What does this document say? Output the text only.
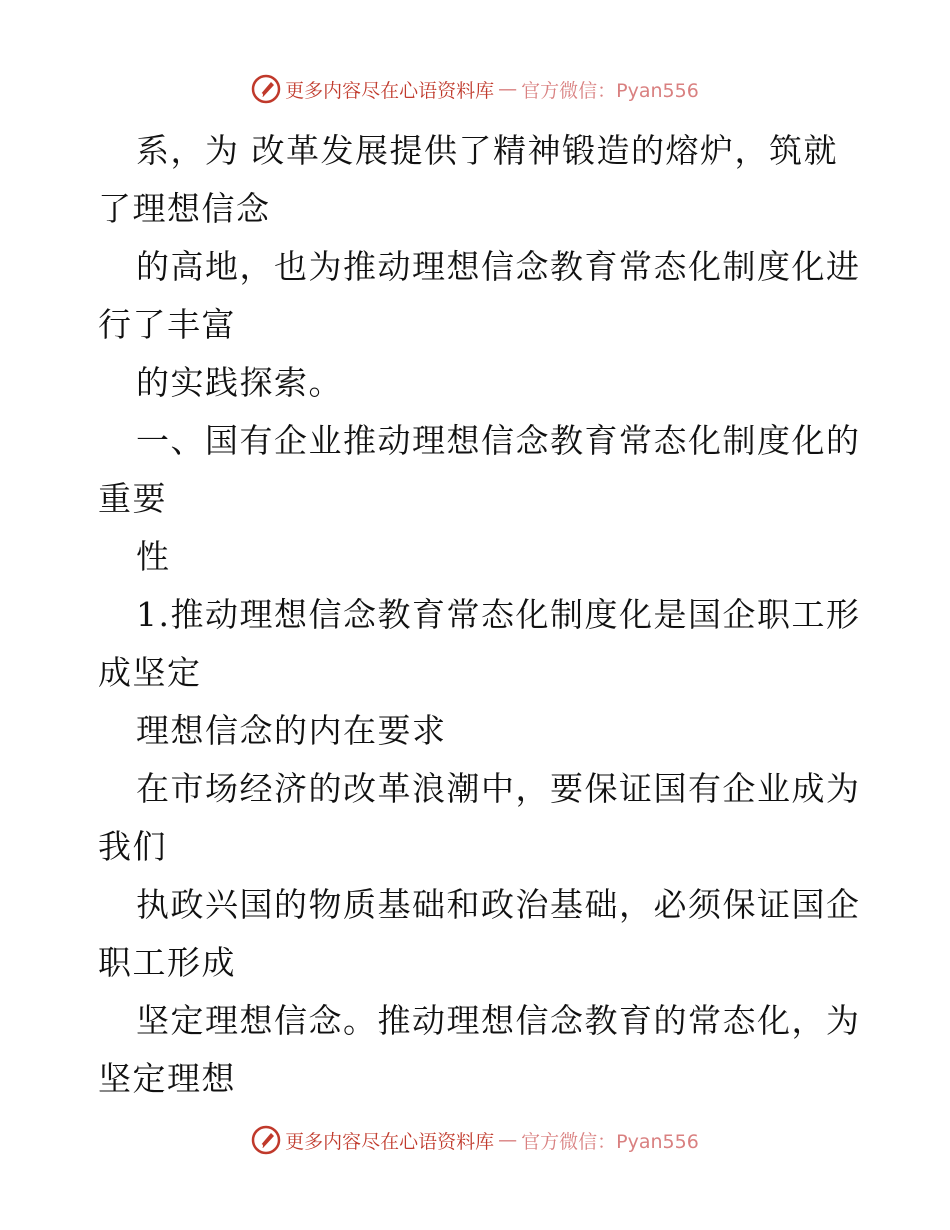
更多内容尽在心语资料库 — 官方微信：Pyan556
系，为 改革发展提供了精神锻造的熔炉，筑就
了理想信念
的高地，也为推动理想信念教育常态化制度化进
行了丰富
的实践探索。
一、国有企业推动理想信念教育常态化制度化的
重要
性
1.推动理想信念教育常态化制度化是国企职工形
成坚定
理想信念的内在要求
在市场经济的改革浪潮中，要保证国有企业成为
我们
执政兴国的物质基础和政治基础，必须保证国企
职工形成
坚定理想信念。推动理想信念教育的常态化，为
坚定理想
更多内容尽在心语资料库 — 官方微信：Pyan556
